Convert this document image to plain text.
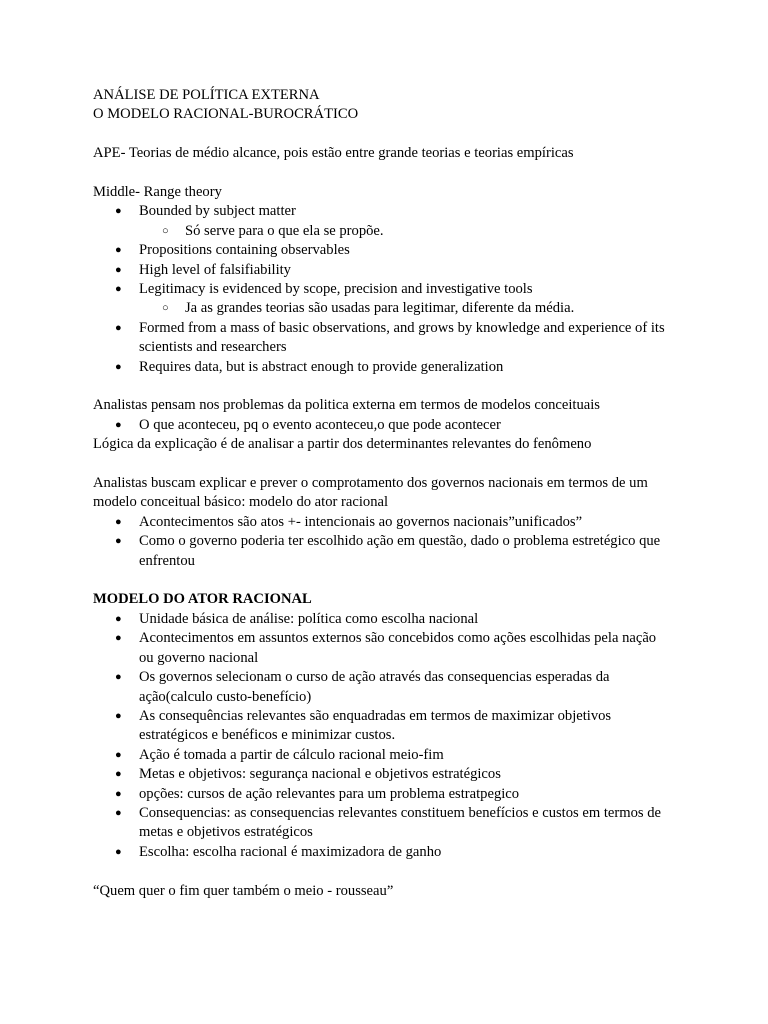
ANÁLISE DE POLÍTICA EXTERNA

O MODELO RACIONAL-BUROCRÁTICO

APE- Teorias de médio alcance, pois estão entre grande teorias e teorias empíricas

Middle- Range theory

● Bounded by subject matter
○ Só serve para o que ela se propõe.
● Propositions containing observables
● High level of falsifiability
● Legitimacy is evidenced by scope, precision and investigative tools
○ Ja as grandes teorias são usadas para legitimar, diferente da média.
● Formed from a mass of basic observations, and grows by knowledge and experience of its scientists and researchers
● Requires data, but is abstract enough to provide generalization

Analistas pensam nos problemas da politica externa em termos de modelos conceituais

● O que aconteceu, pq o evento aconteceu,o que pode acontecer

Lógica da explicação é de analisar a partir dos determinantes relevantes do fenômeno

Analistas buscam explicar e prever o comprotamento dos governos nacionais em termos de um modelo conceitual básico: modelo do ator racional

● Acontecimentos são atos +- intencionais ao governos nacionais”unificados”
● Como o governo poderia ter escolhido ação em questão, dado o problema estretégico que enfrentou

MODELO DO ATOR RACIONAL

● Unidade básica de análise: política como escolha nacional
● Acontecimentos em assuntos externos são concebidos como ações escolhidas pela nação ou governo nacional
● Os governos selecionam o curso de ação através das consequencias esperadas da ação(calculo custo-benefício)
● As consequências relevantes são enquadradas em termos de maximizar objetivos estratégicos e benéficos e minimizar custos.
● Ação é tomada a partir de cálculo racional meio-fim
● Metas e objetivos: segurança nacional e objetivos estratégicos
● opções: cursos de ação relevantes para um problema estratpegico
● Consequencias: as consequencias relevantes constituem benefícios e custos em termos de metas e objetivos estratégicos
● Escolha: escolha racional é maximizadora de ganho

“Quem quer o fim quer também o meio - rousseau”
